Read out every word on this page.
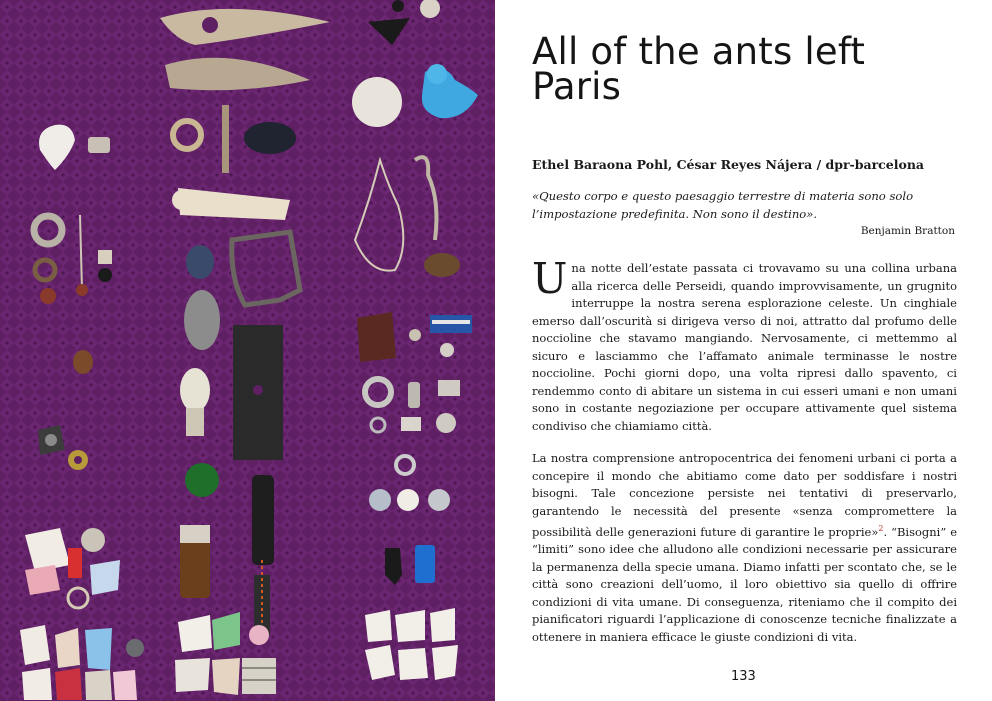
All of the ants left
Paris

Ethel Baraona Pohl, César Reyes Nájera / dpr-barcelona

«Questo corpo e questo paesaggio terrestre di materia sono solo l’impostazione predefinita. Non sono il destino».

Benjamin Bratton

Una notte dell’estate passata ci trovavamo su una collina urbana alla ricerca delle Perseidi, quando improvvisamente, un grugnito interruppe la nostra serena esplorazione celeste. Un cinghiale emerso dall’oscurità si dirigeva verso di noi, attratto dal profumo delle noccioline che stavamo mangiando. Nervosamente, ci mettemmo al sicuro e lasciammo che l’affamato animale terminasse le nostre noccioline. Pochi giorni dopo, una volta ripresi dallo spavento, ci rendemmo conto di abitare un sistema in cui esseri umani e non umani sono in costante negoziazione per occupare attivamente quel sistema condiviso che chiamiamo città.

La nostra comprensione antropocentrica dei fenomeni urbani ci porta a concepire il mondo che abitiamo come dato per soddisfare i nostri bisogni. Tale concezione persiste nei tentativi di preservarlo, garantendo le necessità del presente «senza compromettere la possibilità delle generazioni future di garantire le proprie»$^2$. “Bisogni” e “limiti” sono idee che alludono alle condizioni necessarie per assicurare la permanenza della specie umana. Diamo infatti per scontato che, se le città sono creazioni dell’uomo, il loro obiettivo sia quello di offrire condizioni di vita umane. Di conseguenza, riteniamo che il compito dei pianificatori riguardi l’applicazione di conoscenze tecniche finalizzate a ottenere in maniera efficace le giuste condizioni di vita.

133
